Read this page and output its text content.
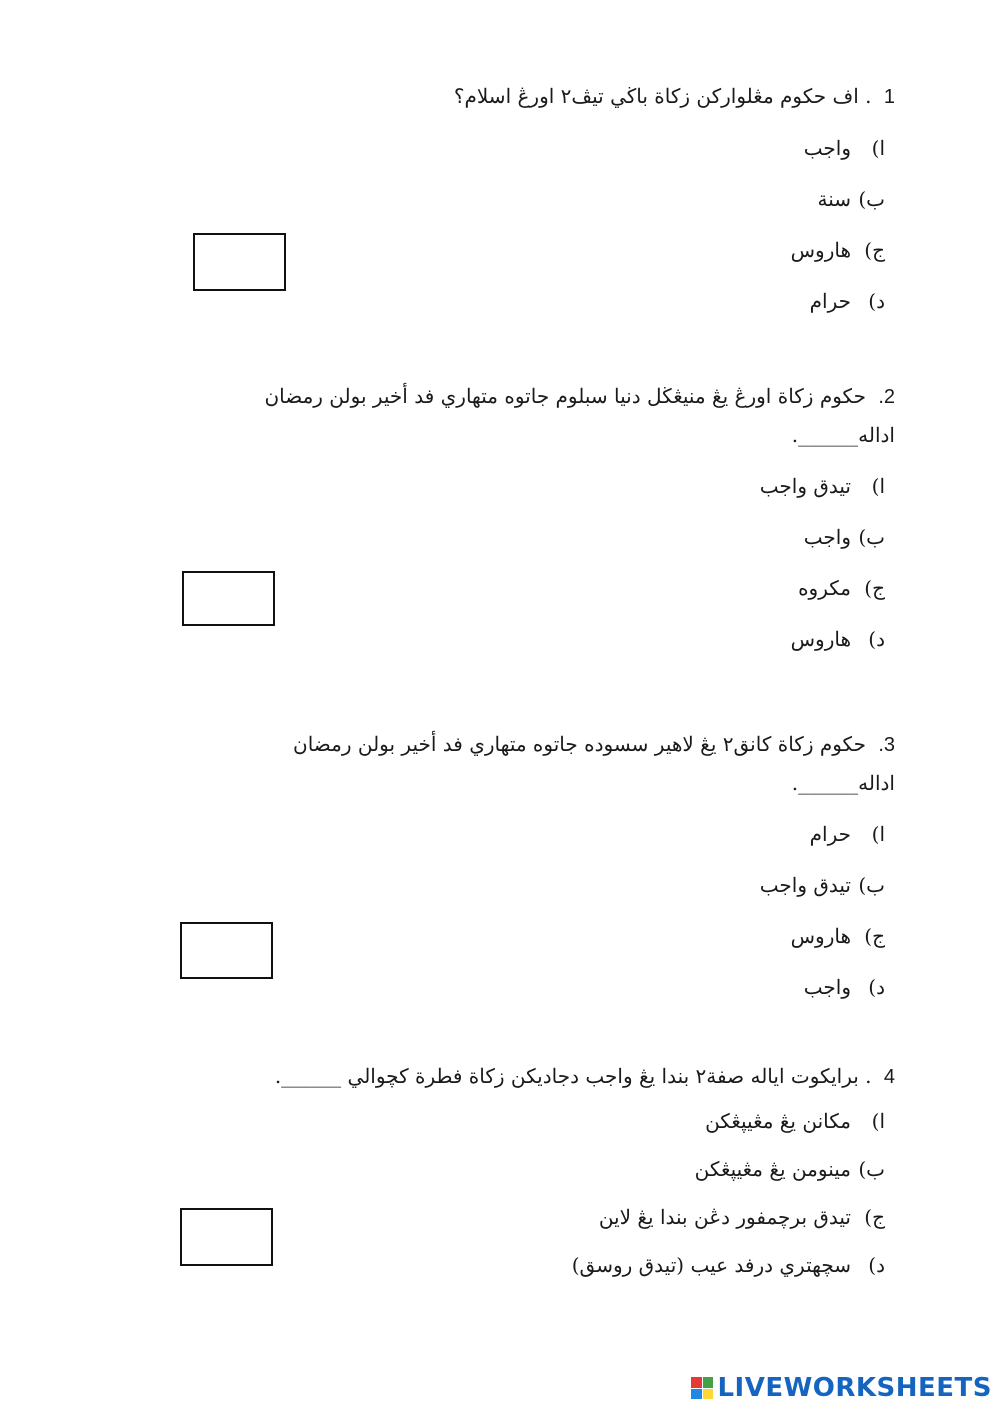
1 . اف حكوم مڠلواركن زكاة باڬي تيڤ٢ اورڠ اسلام؟

ا)واجب
ب)سنة
ج)هاروس
د)حرام

2. حكوم زكاة اورڠ يڠ منيڠڬل دنيا سبلوم جاتوه متهاري فد أخير بولن رمضان
اداله______.

ا)تيدق واجب
ب)واجب
ج)مكروه
د)هاروس

3. حكوم زكاة كانق٢ يڠ لاهير سسوده جاتوه متهاري فد أخير بولن رمضان
اداله______.

ا)حرام
ب)تيدق واجب
ج)هاروس
د)واجب

4 . برايكوت اياله صفة٢ بندا يڠ واجب دجاديكن زكاة فطرة كچوالي ______.

ا)مكانن يڠ مڠيڽڠكن
ب)مينومن يڠ مڠيڽڠكن
ج)تيدق برچمفور دڠن بندا يڠ لاين
د)سچهتري درفد عيب (تيدق روسق)
LIVEWORKSHEETS
